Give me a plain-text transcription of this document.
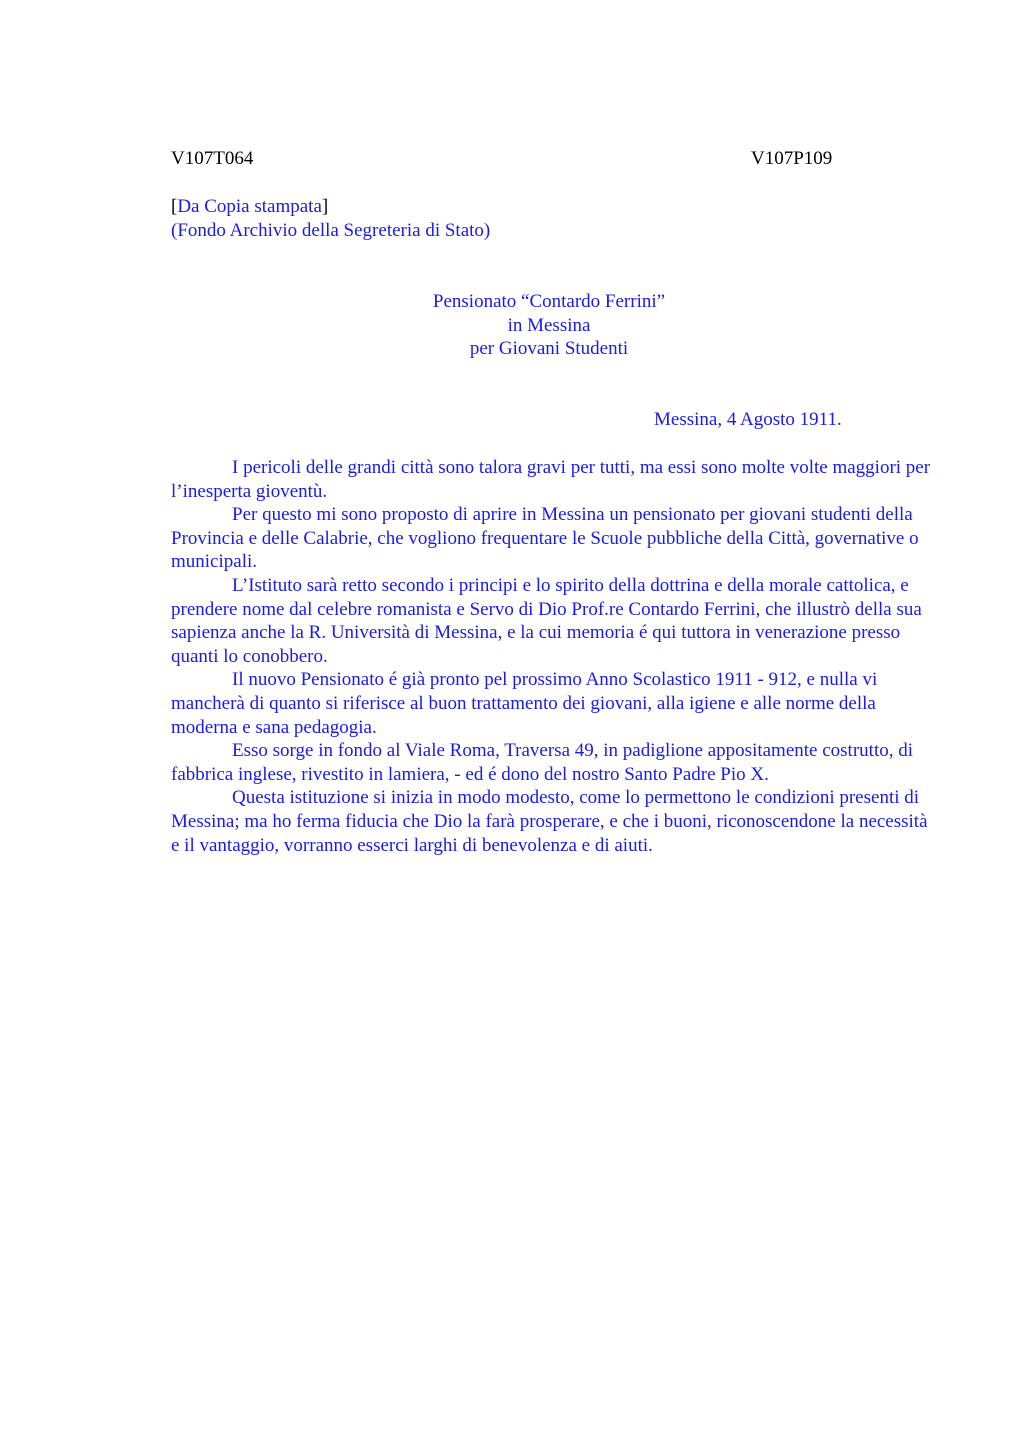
V107T064	V107P109
[Da Copia stampata]
(Fondo Archivio della Segreteria di Stato)
Pensionato “Contardo Ferrini”
in Messina
per Giovani Studenti
Messina, 4 Agosto 1911.

I pericoli delle grandi città sono talora gravi per tutti, ma essi sono molte volte maggiori per l’inesperta gioventù.

Per questo mi sono proposto di aprire in Messina un pensionato per giovani studenti della Provincia e delle Calabrie, che vogliono frequentare le Scuole pubbliche della Città, governative o municipali.

L’Istituto sarà retto secondo i principi e lo spirito della dottrina e della morale cattolica, e prendere nome dal celebre romanista e Servo di Dio Prof.re Contardo Ferrini, che illustrò della sua sapienza anche la R. Università di Messina, e la cui memoria é qui tuttora in venerazione presso quanti lo conobbero.

Il nuovo Pensionato é già pronto pel prossimo Anno Scolastico 1911 - 912, e nulla vi mancherà di quanto si riferisce al buon trattamento dei giovani, alla igiene e alle norme della moderna e sana pedagogia.

Esso sorge in fondo al Viale Roma, Traversa 49, in padiglione appositamente costrutto, di fabbrica inglese, rivestito in lamiera, - ed é dono del nostro Santo Padre Pio X.

Questa istituzione si inizia in modo modesto, come lo permettono le condizioni presenti di Messina; ma ho ferma fiducia che Dio la farà prosperare, e che i buoni, riconoscendone la necessità e il vantaggio, vorranno esserci larghi di benevolenza e di aiuti.
